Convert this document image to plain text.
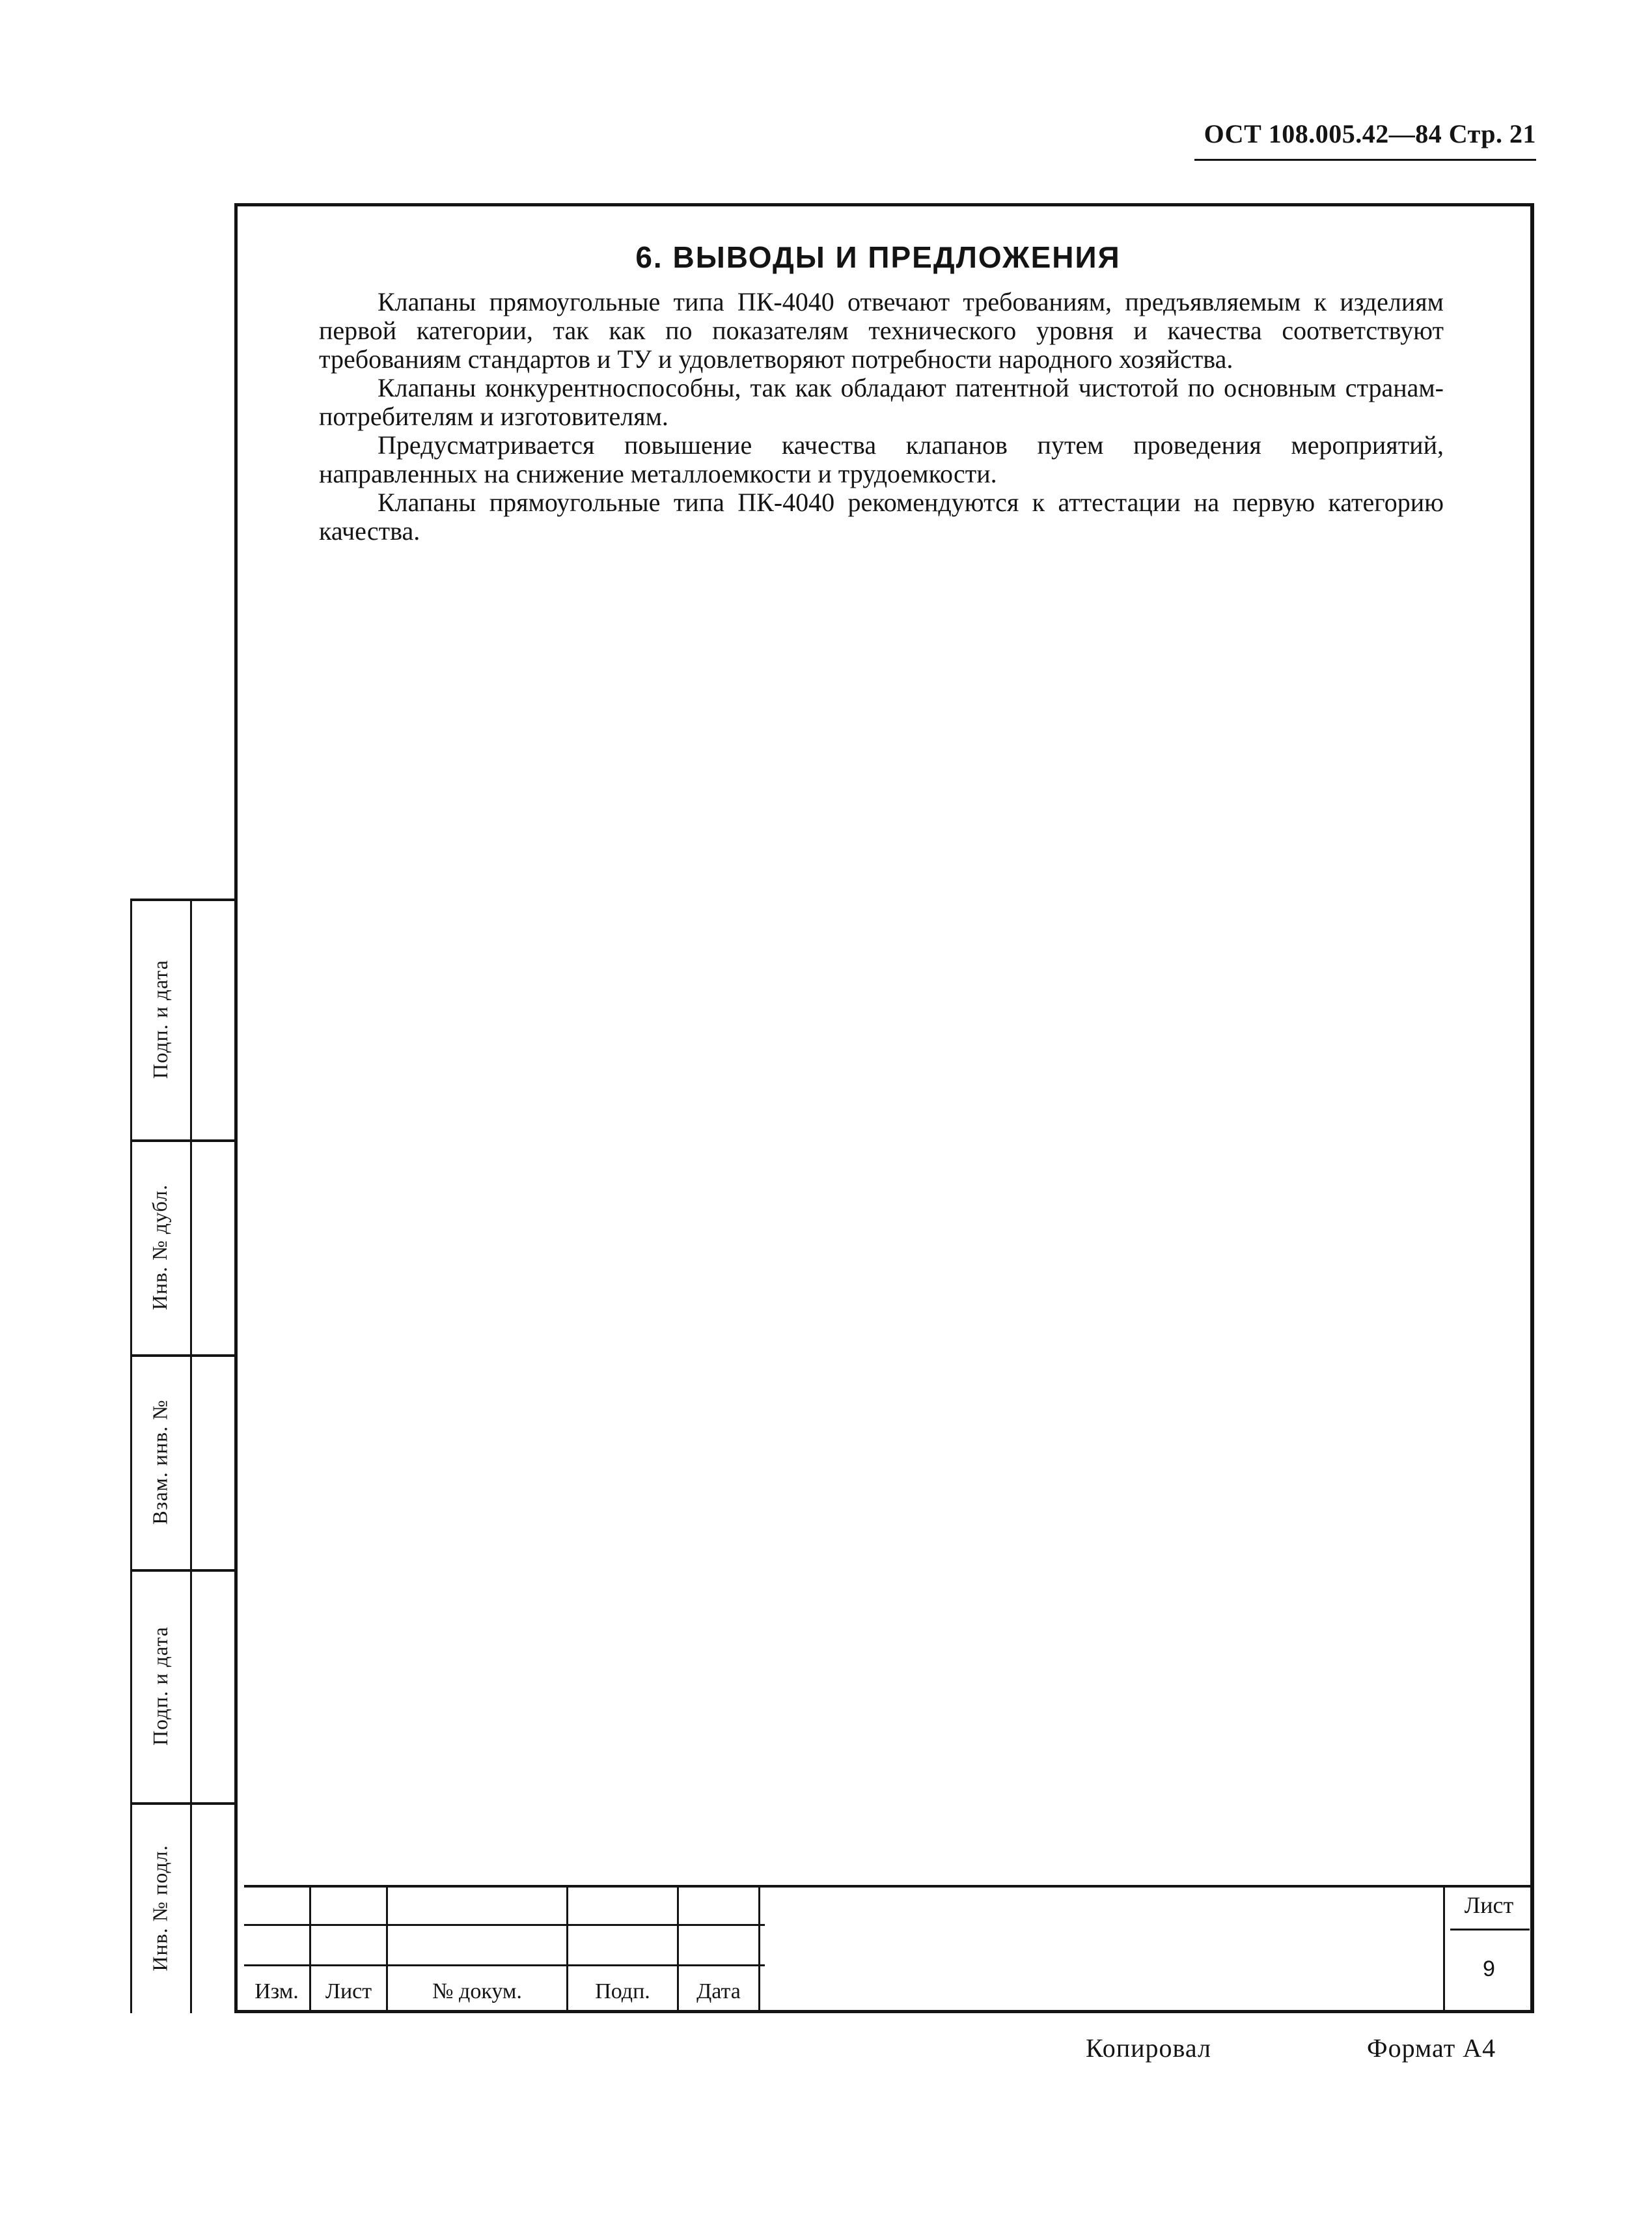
ОСТ 108.005.42—84 Стр. 21
6. ВЫВОДЫ И ПРЕДЛОЖЕНИЯ

Клапаны прямоугольные типа ПК-4040 отвечают требованиям, предъявляемым к изделиям первой категории, так как по показателям технического уровня и качества соответствуют требованиям стандартов и ТУ и удовлетворяют потребности народного хозяйства.

Клапаны конкурентноспособны, так как обладают патентной чистотой по основным странам-потребителям и изготовителям.

Предусматривается повышение качества клапанов путем проведения мероприятий, направленных на снижение металлоемкости и трудоемкости.

Клапаны прямоугольные типа ПК-4040 рекомендуются к аттестации на первую категорию качества.

Подп. и дата
Инв. № дубл.
Взам. инв. №
Подп. и дата
Инв. № подл.
Изм.	Лист	№ докум.	Подп.	Дата
Лист
9
Копировал	Формат А4
